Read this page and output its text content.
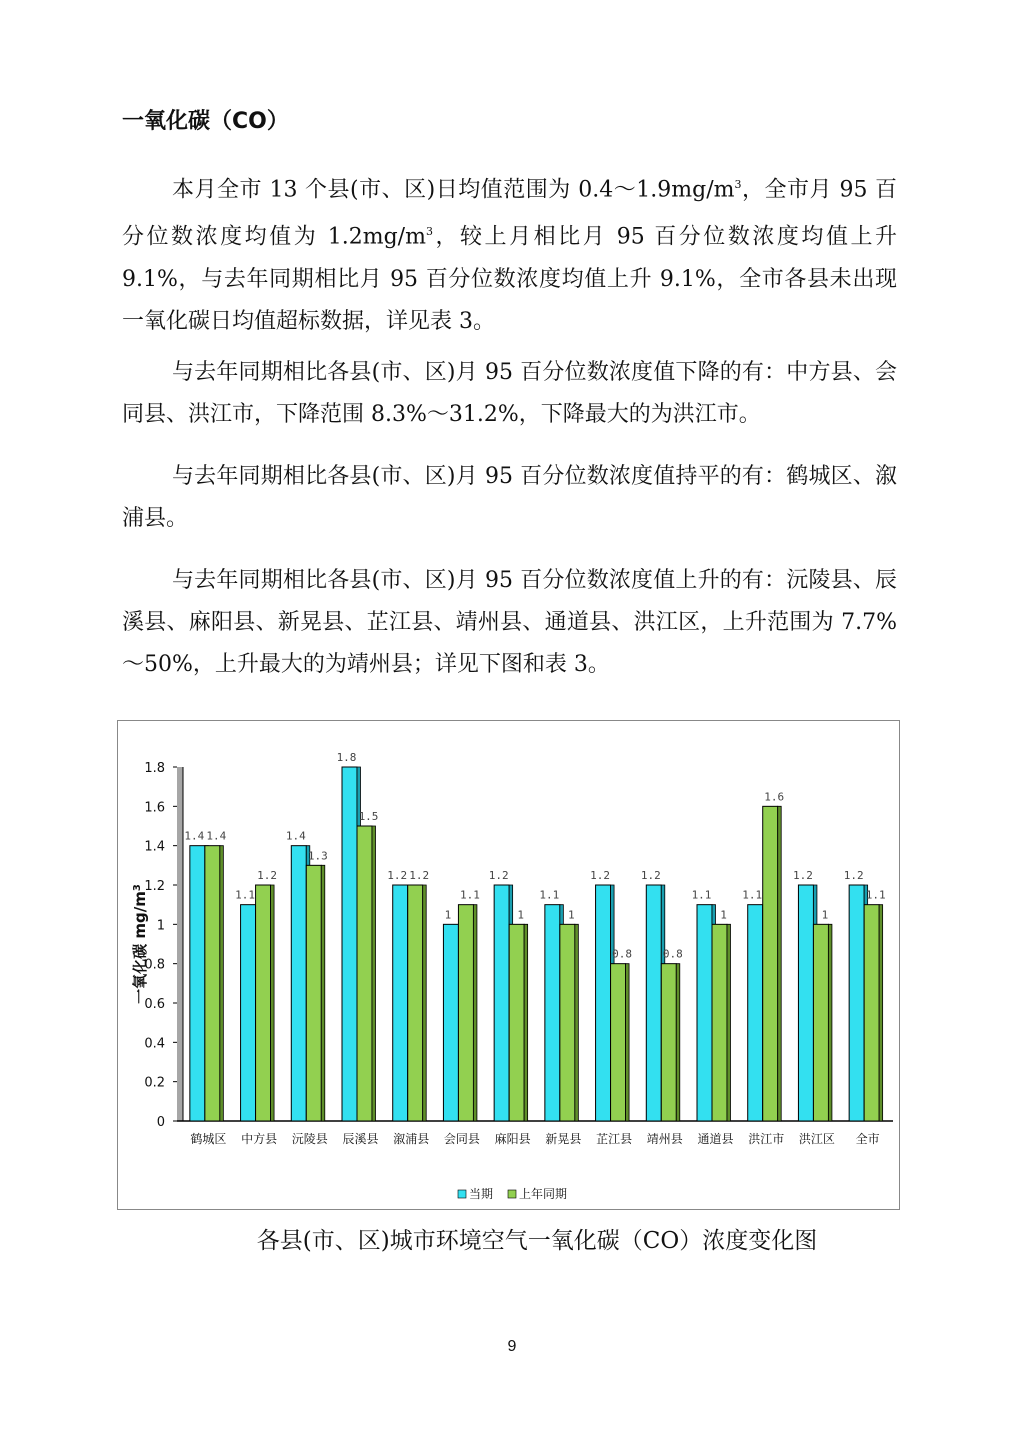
一氧化碳（CO）

本月全市 13 个县(市、区)日均值范围为 $0.4\sim 1.9mg/m^3$，全市月 95 百分位数浓度均值为 $1.2mg/m^3$，较上月相比月 95 百分位数浓度均值上升 9.1%，与去年同期相比月 95 百分位数浓度均值上升 9.1%，全市各县未出现一氧化碳日均值超标数据，详见表 3。

与去年同期相比各县(市、区)月 95 百分位数浓度值下降的有：中方县、会同县、洪江市，下降范围 8.3%～31.2%，下降最大的为洪江市。

与去年同期相比各县(市、区)月 95 百分位数浓度值持平的有：鹤城区、溆浦县。

与去年同期相比各县(市、区)月 95 百分位数浓度值上升的有：沅陵县、辰溪县、麻阳县、新晃县、芷江县、靖州县、通道县、洪江区，上升范围为 7.7%～50%，上升最大的为靖州县；详见下图和表 3。

0
0.2
0.4
0.6
0.8
1
1.2
1.4
1.6
1.8
一氧化碳 $mg/m^3$
1.4 1.4
鹤城区
1.1
1.2
中方县
1.4
1.3
沅陵县
1.8
1.5
辰溪县
1.2 1.2
溆浦县
1
1.1
会同县
1.2
1
麻阳县
1.1
1
新晃县
1.2
0.8
芷江县
1.2
0.8
靖州县
1.1
1
通道县
1.1
1.6
洪江市
1.2
1
洪江区
1.2
1.1
全市
当期 上年同期

各县(市、区)城市环境空气一氧化碳（CO）浓度变化图

9
